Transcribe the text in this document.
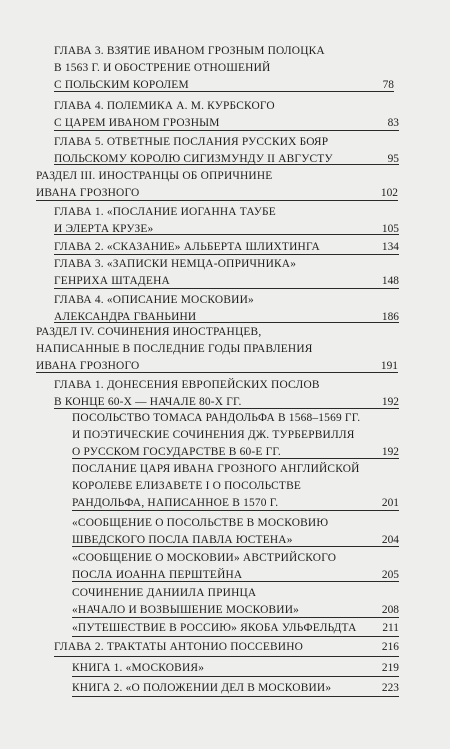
ГЛАВА 3. ВЗЯТИЕ ИВАНОМ ГРОЗНЫМ ПОЛОЦКА
В 1563 Г. И ОБОСТРЕНИЕ ОТНОШЕНИЙ
С ПОЛЬСКИМ КОРОЛЕМ	78
ГЛАВА 4. ПОЛЕМИКА А. М. КУРБСКОГО
С ЦАРЕМ ИВАНОМ ГРОЗНЫМ	83
ГЛАВА 5. ОТВЕТНЫЕ ПОСЛАНИЯ РУССКИХ БОЯР
ПОЛЬСКОМУ КОРОЛЮ СИГИЗМУНДУ II АВГУСТУ	95
РАЗДЕЛ III. ИНОСТРАНЦЫ ОБ ОПРИЧНИНЕ
ИВАНА ГРОЗНОГО	102
ГЛАВА 1. «ПОСЛАНИЕ ИОГАННА ТАУБЕ
И ЭЛЕРТА КРУЗЕ»	105
ГЛАВА 2. «СКАЗАНИЕ» АЛЬБЕРТА ШЛИХТИНГА	134
ГЛАВА 3. «ЗАПИСКИ НЕМЦА-ОПРИЧНИКА»
ГЕНРИХА ШТАДЕНА	148
ГЛАВА 4. «ОПИСАНИЕ МОСКОВИИ»
АЛЕКСАНДРА ГВАНЬИНИ	186
РАЗДЕЛ IV. СОЧИНЕНИЯ ИНОСТРАНЦЕВ,
НАПИСАННЫЕ В ПОСЛЕДНИЕ ГОДЫ ПРАВЛЕНИЯ
ИВАНА ГРОЗНОГО	191
ГЛАВА 1. ДОНЕСЕНИЯ ЕВРОПЕЙСКИХ ПОСЛОВ
В КОНЦЕ 60-Х — НАЧАЛЕ 80-Х ГГ.	192
ПОСОЛЬСТВО ТОМАСА РАНДОЛЬФА В 1568–1569 ГГ.
И ПОЭТИЧЕСКИЕ СОЧИНЕНИЯ ДЖ. ТУРБЕРВИЛЛЯ
О РУССКОМ ГОСУДАРСТВЕ В 60-Е ГГ.	192
ПОСЛАНИЕ ЦАРЯ ИВАНА ГРОЗНОГО АНГЛИЙСКОЙ
КОРОЛЕВЕ ЕЛИЗАВЕТЕ I О ПОСОЛЬСТВЕ
РАНДОЛЬФА, НАПИСАННОЕ В 1570 Г.	201
«СООБЩЕНИЕ О ПОСОЛЬСТВЕ В МОСКОВИЮ
ШВЕДСКОГО ПОСЛА ПАВЛА ЮСТЕНА»	204
«СООБЩЕНИЕ О МОСКОВИИ» АВСТРИЙСКОГО
ПОСЛА ИОАННА ПЕРШТЕЙНА	205
СОЧИНЕНИЕ ДАНИИЛА ПРИНЦА
«НАЧАЛО И ВОЗВЫШЕНИЕ МОСКОВИИ»	208
«ПУТЕШЕСТВИЕ В РОССИЮ» ЯКОБА УЛЬФЕЛЬДТА	211
ГЛАВА 2. ТРАКТАТЫ АНТОНИО ПОССЕВИНО	216
КНИГА 1. «МОСКОВИЯ»	219
КНИГА 2. «О ПОЛОЖЕНИИ ДЕЛ В МОСКОВИИ»	223
